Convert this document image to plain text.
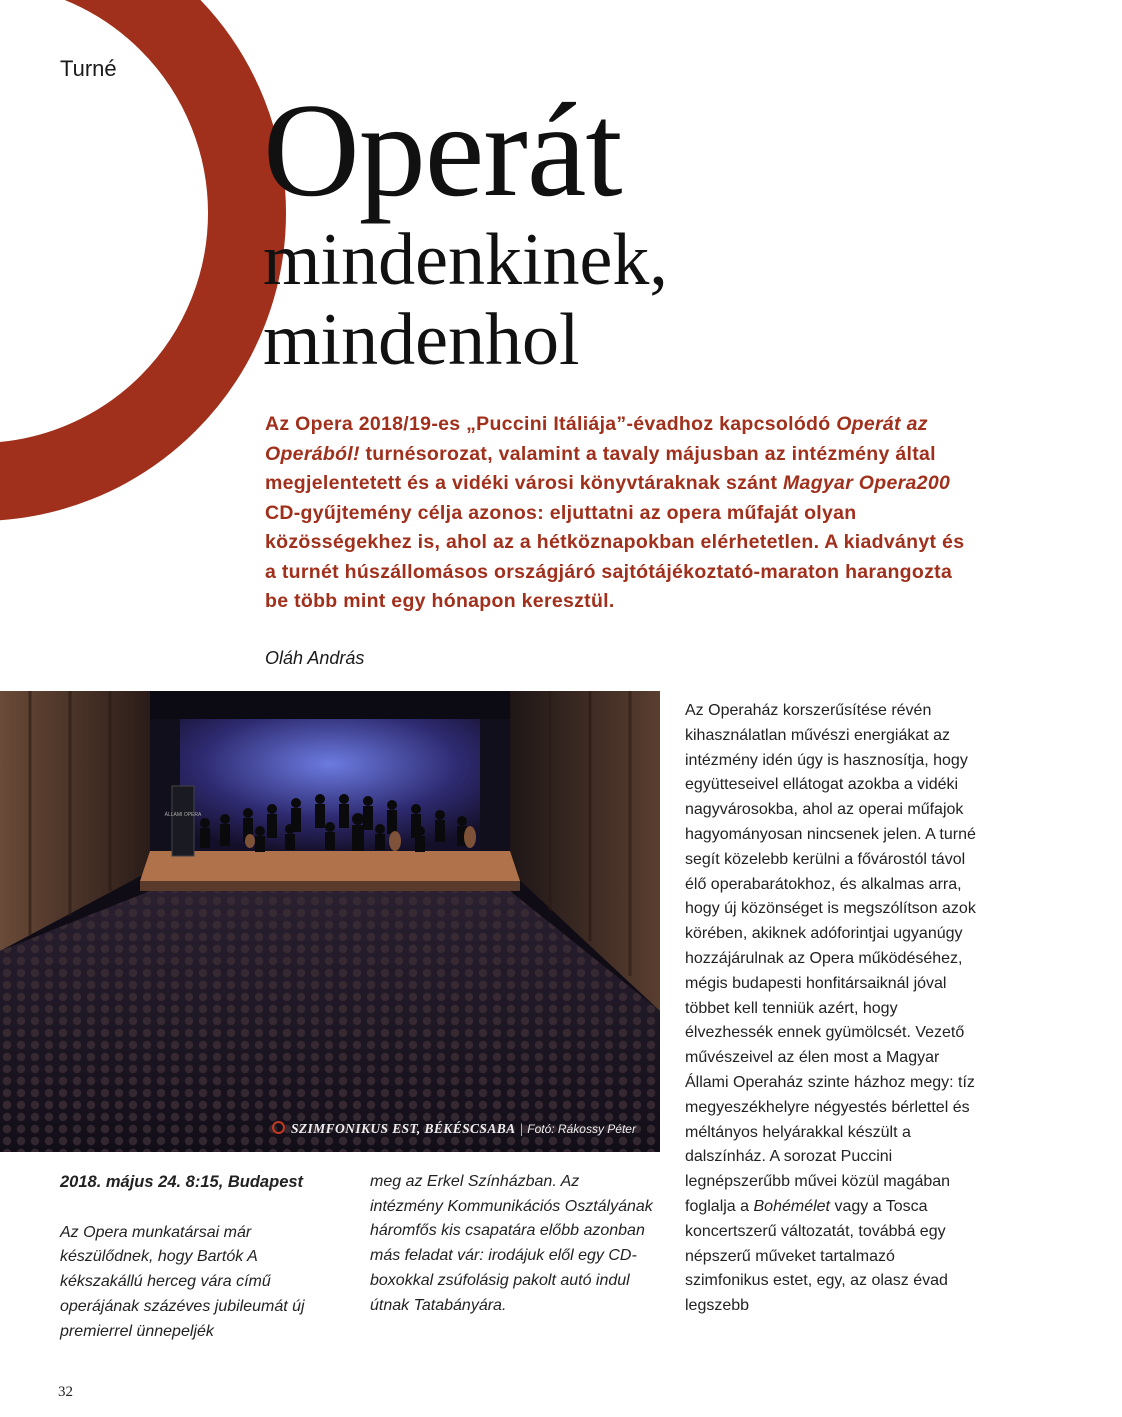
Turné
Operát
mindenkinek,
mindenhol
Az Opera 2018/19-es „Puccini Itáliája”-évadhoz kapcsolódó Operát az Operából! turnésorozat, valamint a tavaly májusban az intézmény által megjelentetett és a vidéki városi könyvtáraknak szánt Magyar Opera200 CD-gyűjtemény célja azonos: eljuttatni az opera műfaját olyan közösségekhez is, ahol az a hétköznapokban elérhetetlen. A kiadványt és a turnét húszállomásos országjáró sajtótájékoztató-maraton harangozta be több mint egy hónapon keresztül.
Oláh András
ÁLLAMI OPERA
SZIMFONIKUS EST, BÉKÉSCSABA | Fotó: Rákossy Péter
2018. május 24. 8:15, Budapest
Az Opera munkatársai már készülődnek, hogy Bartók A kékszakállú herceg vára című operájának százéves jubileumát új premierrel ünnepeljék
meg az Erkel Színházban. Az intézmény Kommunikációs Osztályának háromfős kis csapatára előbb azonban más feladat vár: irodájuk elől egy CD-boxokkal zsúfolásig pakolt autó indul útnak Tatabányára.
Az Operaház korszerűsítése révén kihasználatlan művészi energiákat az intézmény idén úgy is hasznosítja, hogy együtteseivel ellátogat azokba a vidéki nagyvárosokba, ahol az operai műfajok hagyományosan nincsenek jelen. A turné segít közelebb kerülni a fővárostól távol élő operabarátokhoz, és alkalmas arra, hogy új közönséget is megszólítson azok körében, akiknek adóforintjai ugyanúgy hozzájárulnak az Opera működéséhez, mégis budapesti honfitársaiknál jóval többet kell tenniük azért, hogy élvezhessék ennek gyümölcsét. Vezető művészeivel az élen most a Magyar Állami Operaház szinte házhoz megy: tíz megyeszékhelyre négyestés bérlettel és méltányos helyárakkal készült a dalszínház. A sorozat Puccini legnépszerűbb művei közül magában foglalja a Bohémélet vagy a Tosca koncertszerű változatát, továbbá egy népszerű műveket tartalmazó szimfonikus estet, egy, az olasz évad legszebb
32
